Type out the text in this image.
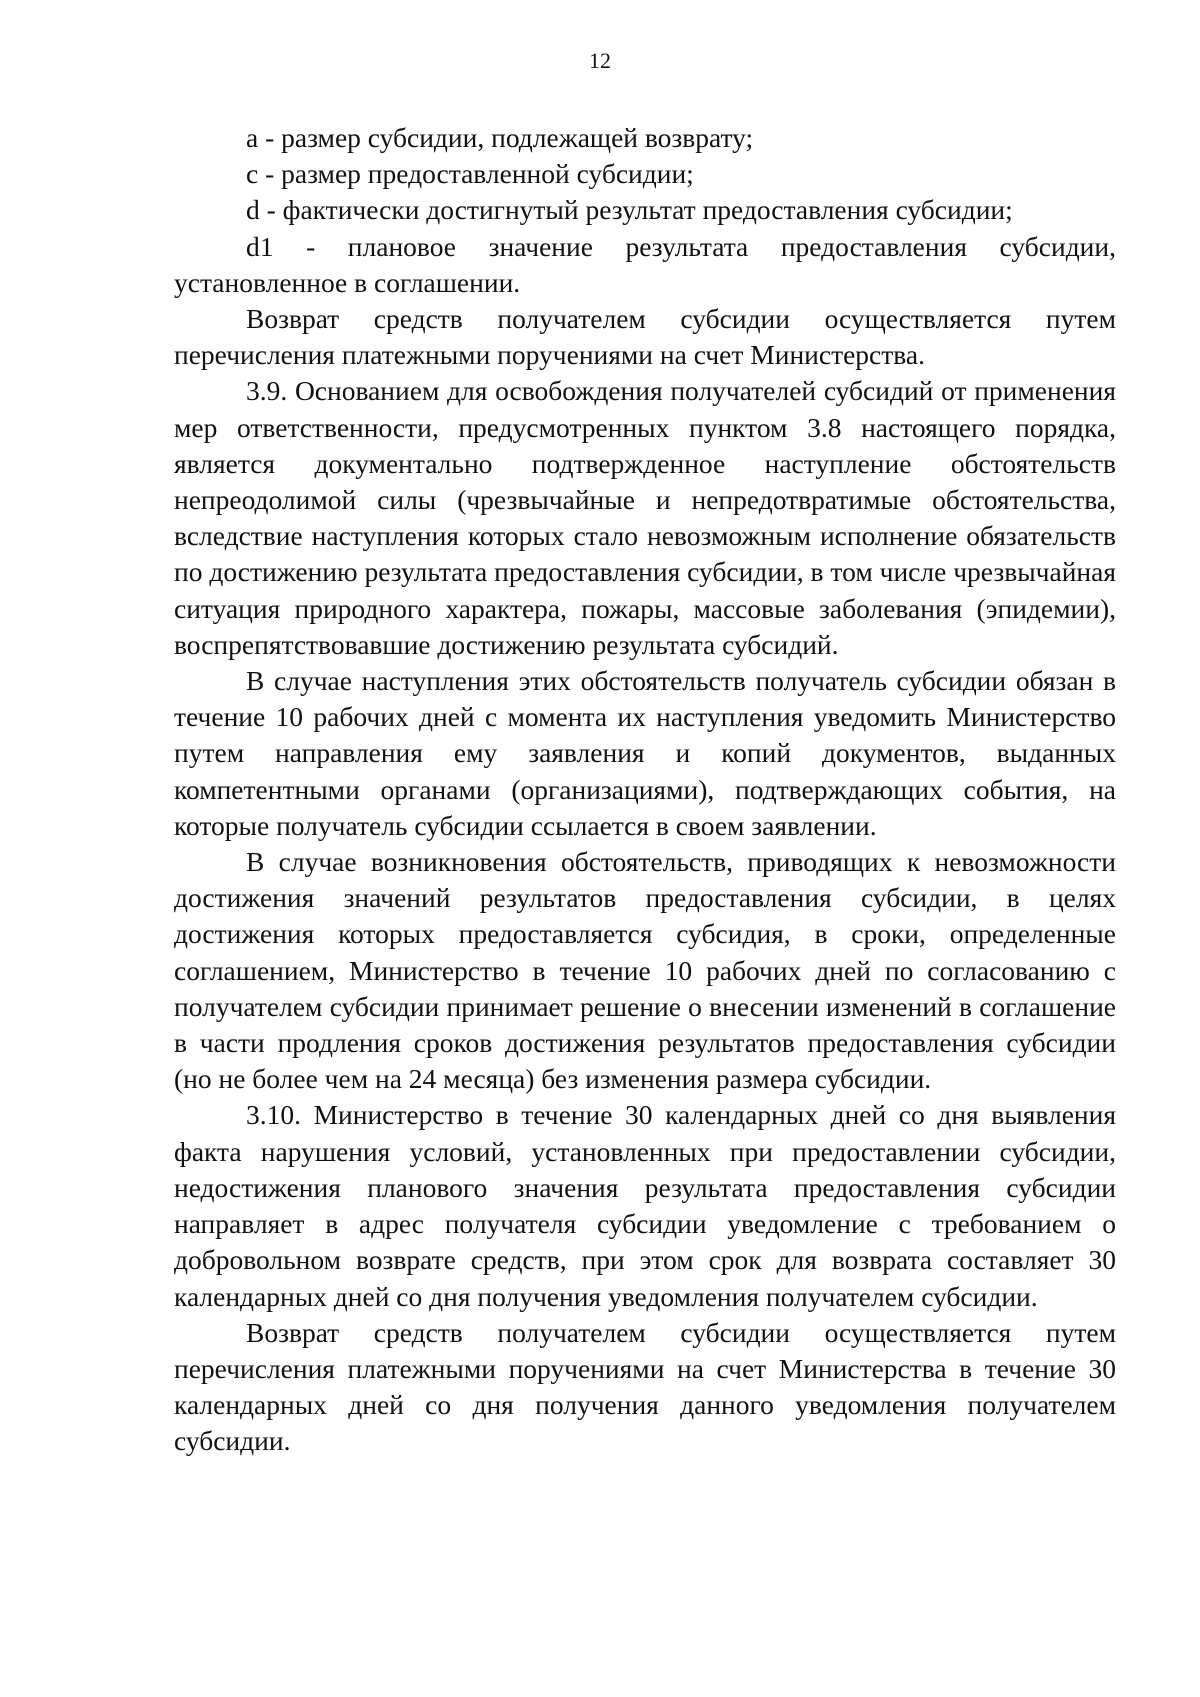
12

а - размер субсидии, подлежащей возврату;

с - размер предоставленной субсидии;

d - фактически достигнутый результат предоставления субсидии;

d1 - плановое значение результата предоставления субсидии, установленное в соглашении.

Возврат средств получателем субсидии осуществляется путем перечисления платежными поручениями на счет Министерства.

3.9. Основанием для освобождения получателей субсидий от применения мер ответственности, предусмотренных пунктом 3.8 настоящего порядка, является документально подтвержденное наступление обстоятельств непреодолимой силы (чрезвычайные и непредотвратимые обстоятельства, вследствие наступления которых стало невозможным исполнение обязательств по достижению результата предоставления субсидии, в том числе чрезвычайная ситуация природного характера, пожары, массовые заболевания (эпидемии), воспрепятствовавшие достижению результата субсидий.

В случае наступления этих обстоятельств получатель субсидии обязан в течение 10 рабочих дней с момента их наступления уведомить Министерство путем направления ему заявления и копий документов, выданных компетентными органами (организациями), подтверждающих события, на которые получатель субсидии ссылается в своем заявлении.

В случае возникновения обстоятельств, приводящих к невозможности достижения значений результатов предоставления субсидии, в целях достижения которых предоставляется субсидия, в сроки, определенные соглашением, Министерство в течение 10 рабочих дней по согласованию с получателем субсидии принимает решение о внесении изменений в соглашение в части продления сроков достижения результатов предоставления субсидии (но не более чем на 24 месяца) без изменения размера субсидии.

3.10. Министерство в течение 30 календарных дней со дня выявления факта нарушения условий, установленных при предоставлении субсидии, недостижения планового значения результата предоставления субсидии направляет в адрес получателя субсидии уведомление с требованием о добровольном возврате средств, при этом срок для возврата составляет 30 календарных дней со дня получения уведомления получателем субсидии.

Возврат средств получателем субсидии осуществляется путем перечисления платежными поручениями на счет Министерства в течение 30 календарных дней со дня получения данного уведомления получателем субсидии.
